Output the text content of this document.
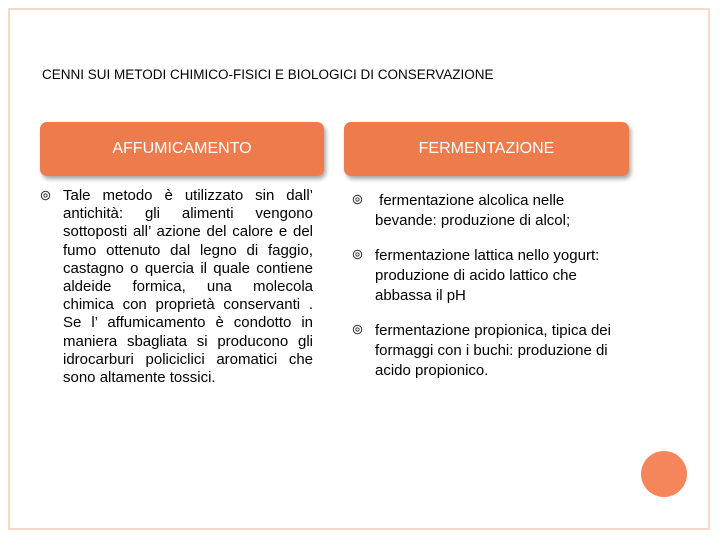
CENNI SUI METODI CHIMICO-FISICI E BIOLOGICI DI CONSERVAZIONE
AFFUMICAMENTO	FERMENTAZIONE
Tale metodo è utilizzato sin dall’ antichità: gli alimenti vengono sottoposti all’ azione del calore e del fumo ottenuto dal legno di faggio, castagno o quercia il quale contiene aldeide formica, una molecola chimica con proprietà conservanti . Se l’ affumicamento è condotto in maniera sbagliata si producono gli idrocarburi policiclici aromatici che sono altamente tossici.
fermentazione alcolica nelle bevande: produzione di alcol;
fermentazione lattica nello yogurt: produzione di acido lattico che abbassa il pH
fermentazione propionica, tipica dei formaggi con i buchi: produzione di acido propionico.
